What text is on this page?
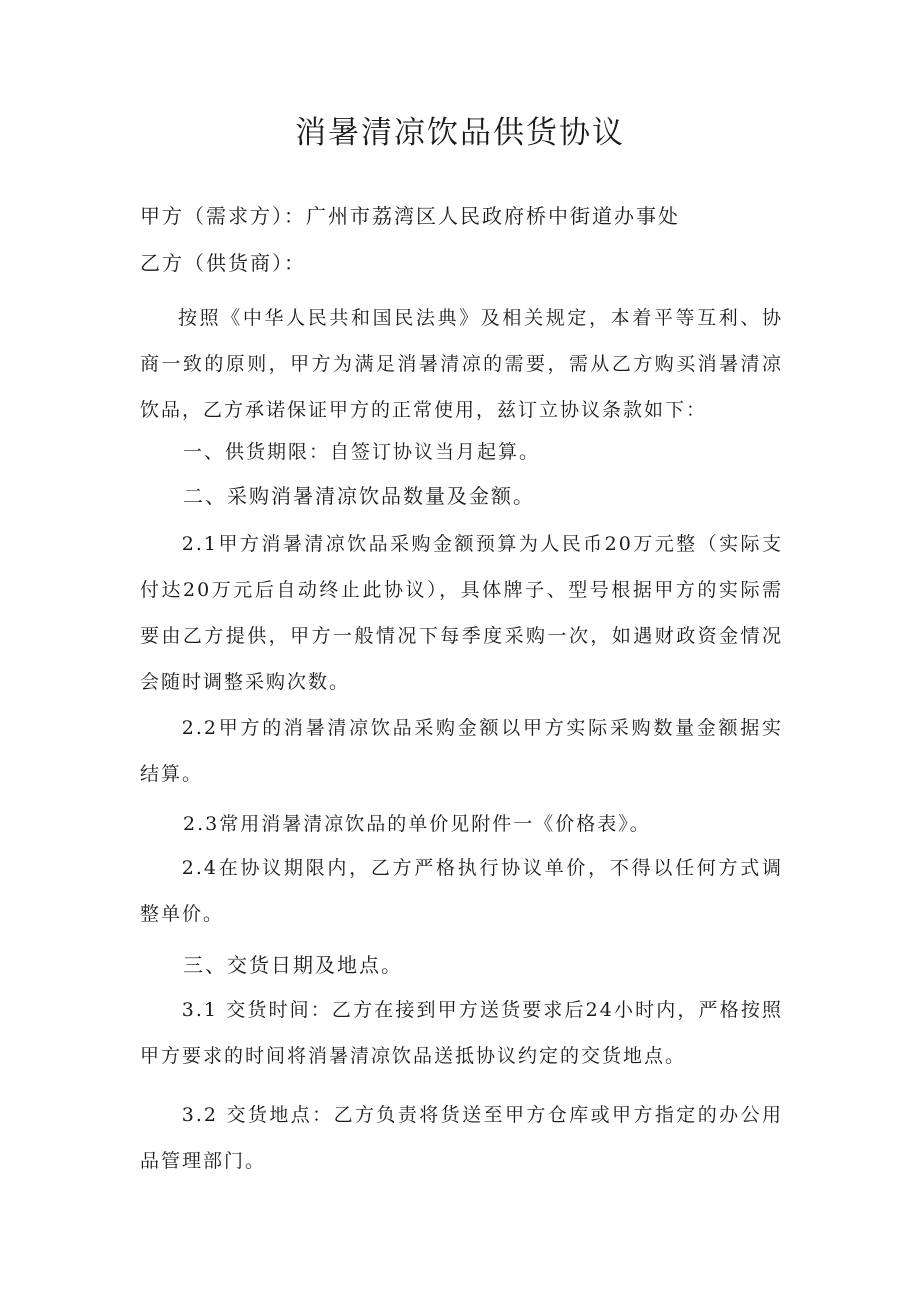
消暑清凉饮品供货协议
甲方（需求方）：广州市荔湾区人民政府桥中街道办事处
乙方（供货商）：

按照《中华人民共和国民法典》及相关规定，本着平等互利、协商一致的原则，甲方为满足消暑清凉的需要，需从乙方购买消暑清凉饮品，乙方承诺保证甲方的正常使用，兹订立协议条款如下：

一、供货期限：自签订协议当月起算。

二、采购消暑清凉饮品数量及金额。

2.1甲方消暑清凉饮品采购金额预算为人民币20万元整（实际支付达20万元后自动终止此协议），具体牌子、型号根据甲方的实际需要由乙方提供，甲方一般情况下每季度采购一次，如遇财政资金情况会随时调整采购次数。

2.2甲方的消暑清凉饮品采购金额以甲方实际采购数量金额据实结算。

2.3常用消暑清凉饮品的单价见附件一《价格表》。

2.4在协议期限内，乙方严格执行协议单价，不得以任何方式调整单价。

三、交货日期及地点。

3.1 交货时间：乙方在接到甲方送货要求后24小时内，严格按照甲方要求的时间将消暑清凉饮品送抵协议约定的交货地点。

3.2 交货地点：乙方负责将货送至甲方仓库或甲方指定的办公用品管理部门。
